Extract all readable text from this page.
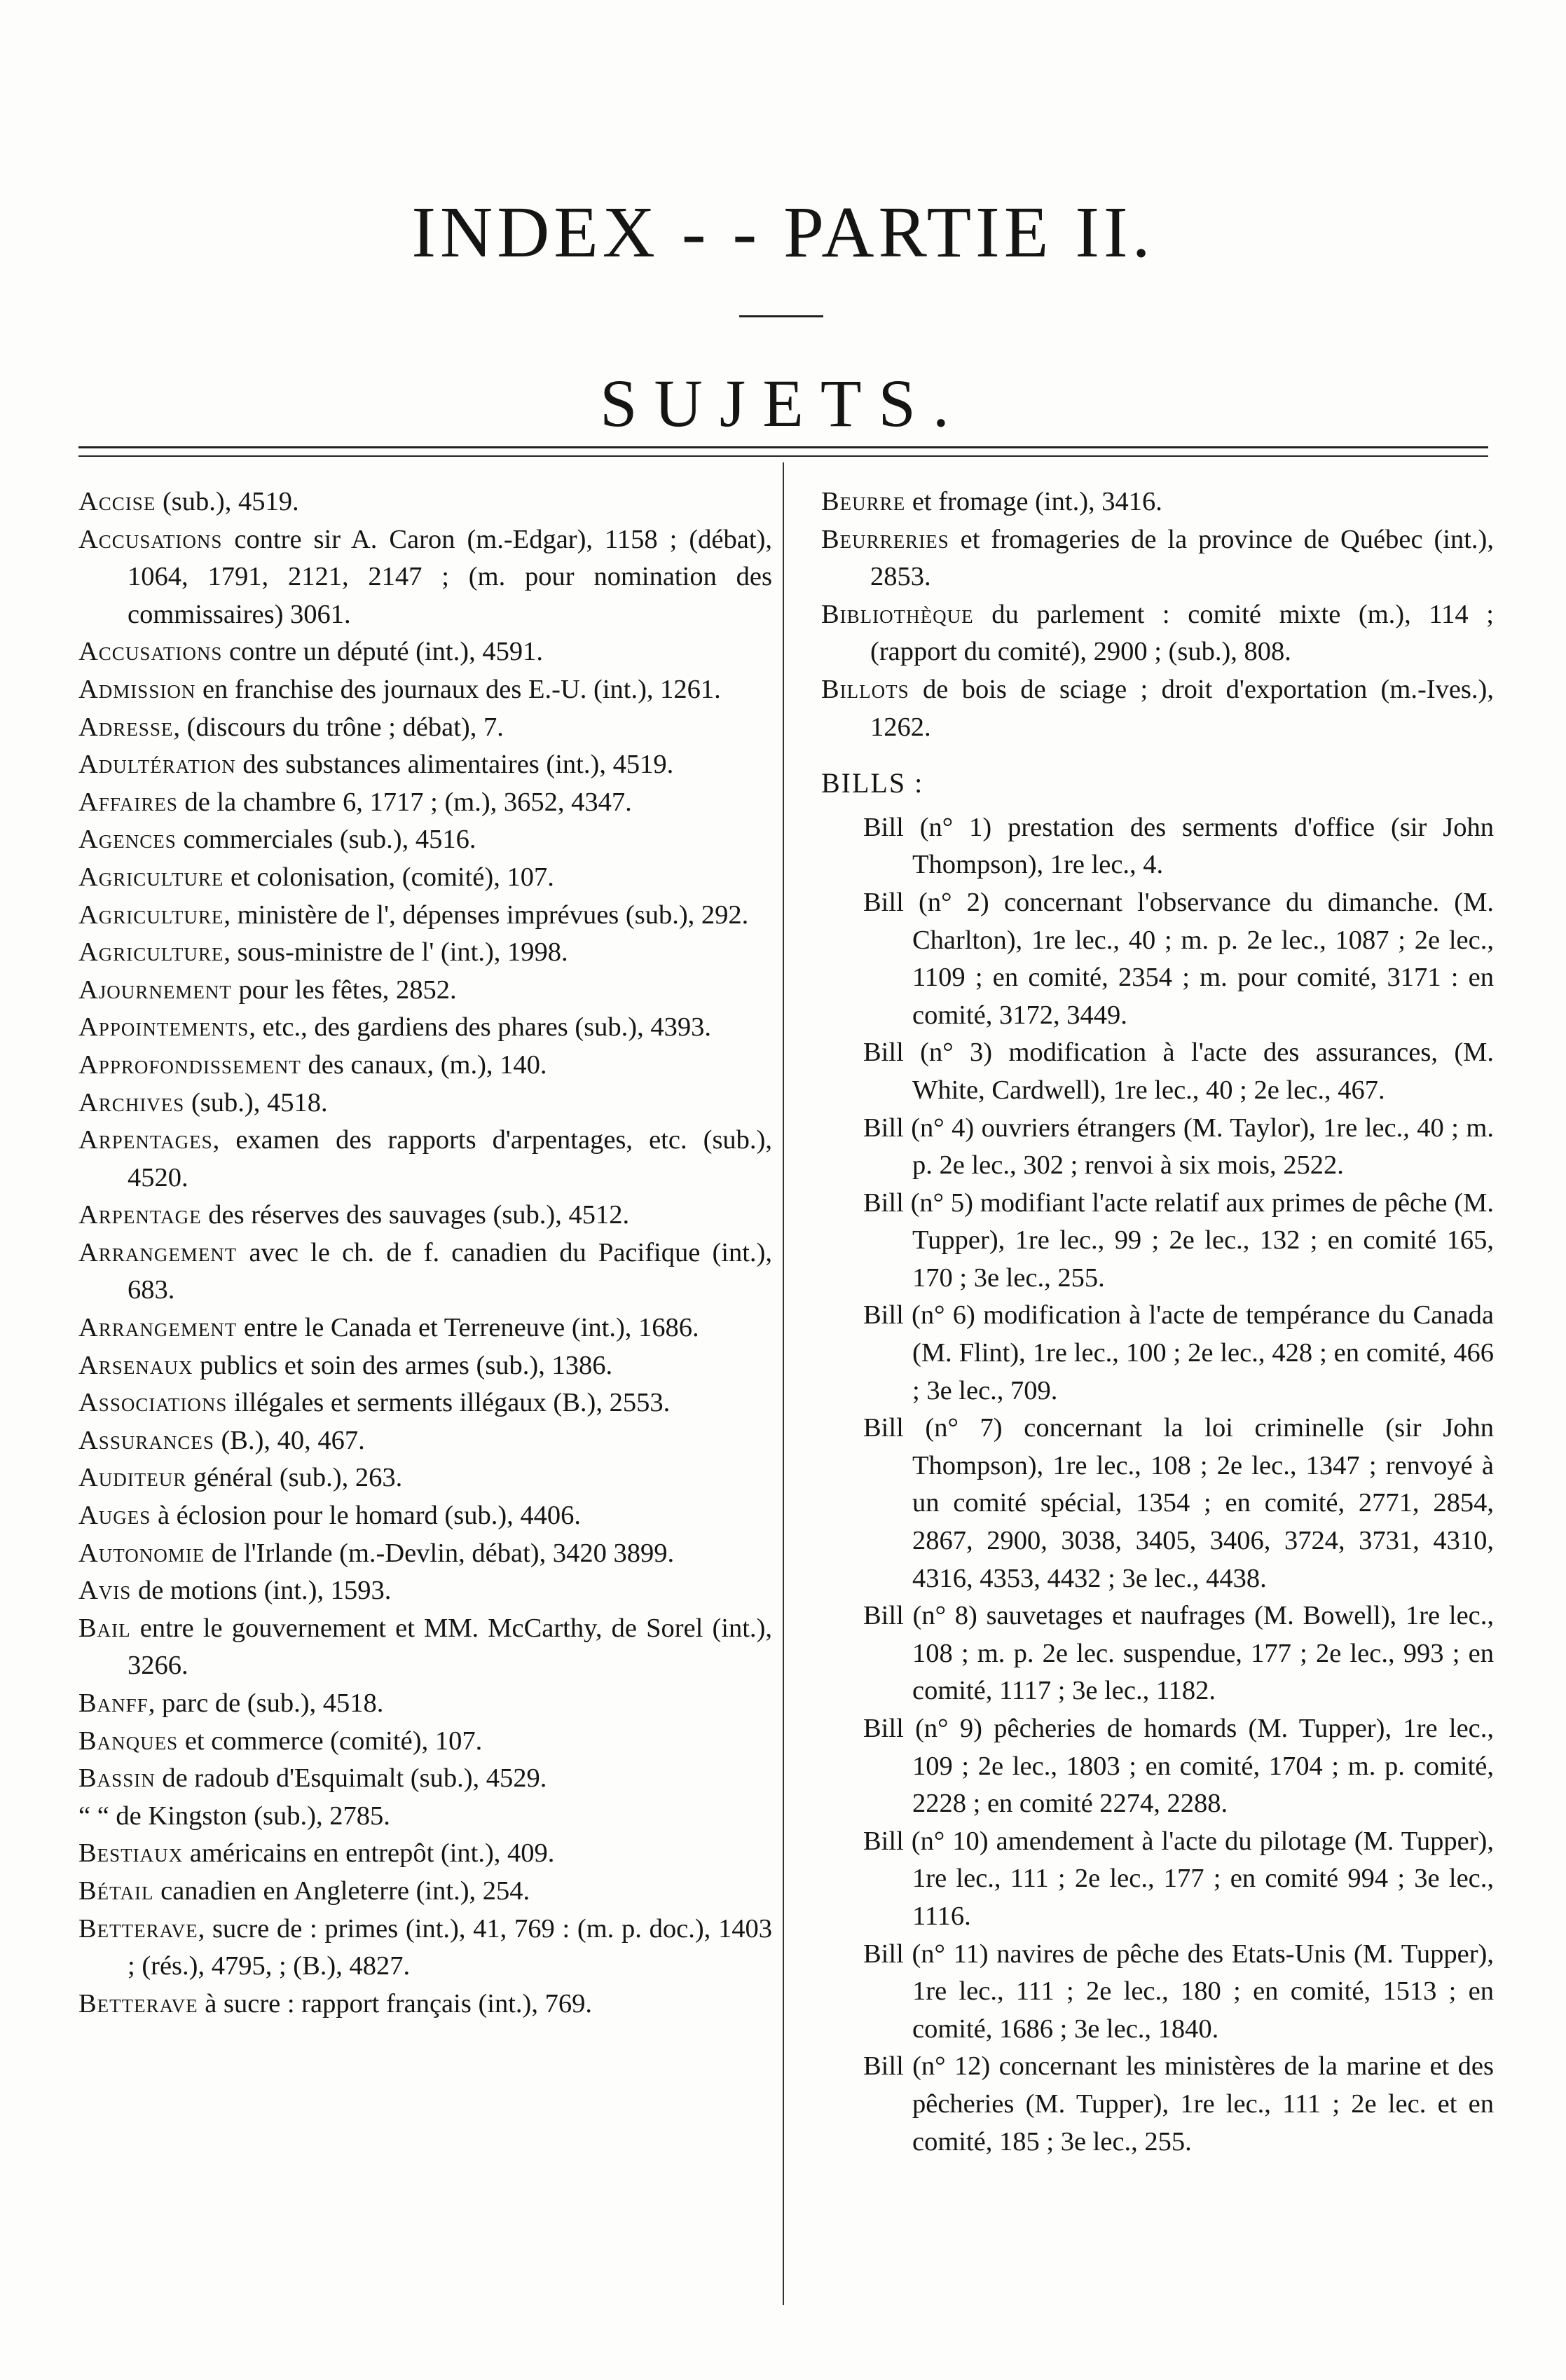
INDEX - - PARTIE II.
SUJETS.
Accise (sub.), 4519.
Accusations contre sir A. Caron (m.-Edgar), 1158 ; (débat), 1064, 1791, 2121, 2147 ; (m. pour nomination des commissaires) 3061.
Accusations contre un député (int.), 4591.
Admission en franchise des journaux des E.-U. (int.), 1261.
Adresse, (discours du trône ; débat), 7.
Adultération des substances alimentaires (int.), 4519.
Affaires de la chambre 6, 1717 ; (m.), 3652, 4347.
Agences commerciales (sub.), 4516.
Agriculture et colonisation, (comité), 107.
Agriculture, ministère de l', dépenses imprévues (sub.), 292.
Agriculture, sous-ministre de l' (int.), 1998.
Ajournement pour les fêtes, 2852.
Appointements, etc., des gardiens des phares (sub.), 4393.
Approfondissement des canaux, (m.), 140.
Archives (sub.), 4518.
Arpentages, examen des rapports d'arpentages, etc. (sub.), 4520.
Arpentage des réserves des sauvages (sub.), 4512.
Arrangement avec le ch. de f. canadien du Pacifique (int.), 683.
Arrangement entre le Canada et Terreneuve (int.), 1686.
Arsenaux publics et soin des armes (sub.), 1386.
Associations illégales et serments illégaux (B.), 2553.
Assurances (B.), 40, 467.
Auditeur général (sub.), 263.
Auges à éclosion pour le homard (sub.), 4406.
Autonomie de l'Irlande (m.-Devlin, débat), 3420 3899.
Avis de motions (int.), 1593.
Bail entre le gouvernement et MM. McCarthy, de Sorel (int.), 3266.
Banff, parc de (sub.), 4518.
Banques et commerce (comité), 107.
Bassin de radoub d'Esquimalt (sub.), 4529.
“ “ de Kingston (sub.), 2785.
Bestiaux américains en entrepôt (int.), 409.
Bétail canadien en Angleterre (int.), 254.
Betterave, sucre de : primes (int.), 41, 769 : (m. p. doc.), 1403 ; (rés.), 4795, ; (B.), 4827.
Betterave à sucre : rapport français (int.), 769.
Beurre et fromage (int.), 3416.
Beurreries et fromageries de la province de Québec (int.), 2853.
Bibliothèque du parlement : comité mixte (m.), 114 ; (rapport du comité), 2900 ; (sub.), 808.
Billots de bois de sciage ; droit d'exportation (m.-Ives.), 1262.
BILLS :
Bill (n° 1) prestation des serments d'office (sir John Thompson), 1re lec., 4.
Bill (n° 2) concernant l'observance du dimanche. (M. Charlton), 1re lec., 40 ; m. p. 2e lec., 1087 ; 2e lec., 1109 ; en comité, 2354 ; m. pour comité, 3171 : en comité, 3172, 3449.
Bill (n° 3) modification à l'acte des assurances, (M. White, Cardwell), 1re lec., 40 ; 2e lec., 467.
Bill (n° 4) ouvriers étrangers (M. Taylor), 1re lec., 40 ; m. p. 2e lec., 302 ; renvoi à six mois, 2522.
Bill (n° 5) modifiant l'acte relatif aux primes de pêche (M. Tupper), 1re lec., 99 ; 2e lec., 132 ; en comité 165, 170 ; 3e lec., 255.
Bill (n° 6) modification à l'acte de tempérance du Canada (M. Flint), 1re lec., 100 ; 2e lec., 428 ; en comité, 466 ; 3e lec., 709.
Bill (n° 7) concernant la loi criminelle (sir John Thompson), 1re lec., 108 ; 2e lec., 1347 ; renvoyé à un comité spécial, 1354 ; en comité, 2771, 2854, 2867, 2900, 3038, 3405, 3406, 3724, 3731, 4310, 4316, 4353, 4432 ; 3e lec., 4438.
Bill (n° 8) sauvetages et naufrages (M. Bowell), 1re lec., 108 ; m. p. 2e lec. suspendue, 177 ; 2e lec., 993 ; en comité, 1117 ; 3e lec., 1182.
Bill (n° 9) pêcheries de homards (M. Tupper), 1re lec., 109 ; 2e lec., 1803 ; en comité, 1704 ; m. p. comité, 2228 ; en comité 2274, 2288.
Bill (n° 10) amendement à l'acte du pilotage (M. Tupper), 1re lec., 111 ; 2e lec., 177 ; en comité 994 ; 3e lec., 1116.
Bill (n° 11) navires de pêche des Etats-Unis (M. Tupper), 1re lec., 111 ; 2e lec., 180 ; en comité, 1513 ; en comité, 1686 ; 3e lec., 1840.
Bill (n° 12) concernant les ministères de la marine et des pêcheries (M. Tupper), 1re lec., 111 ; 2e lec. et en comité, 185 ; 3e lec., 255.
